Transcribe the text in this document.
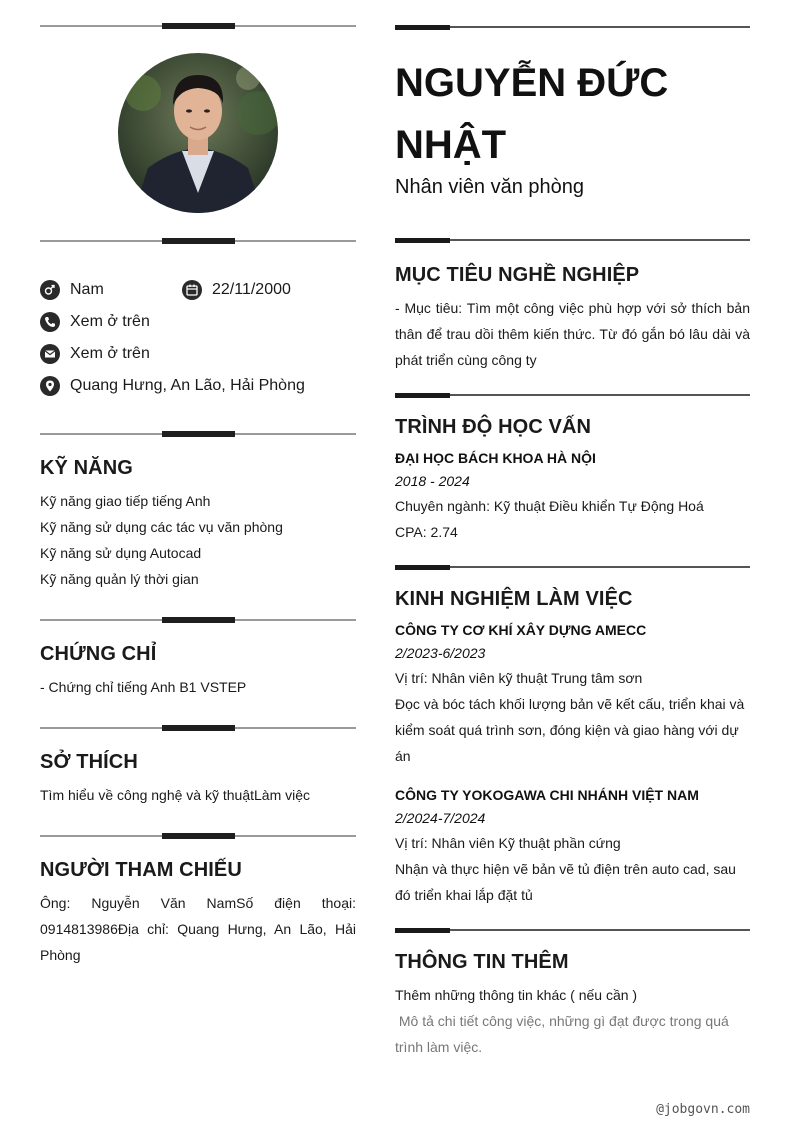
Nam	22/11/2000
Xem ở trên
Xem ở trên
Quang Hưng, An Lão, Hải Phòng
KỸ NĂNG
Kỹ năng giao tiếp tiếng Anh
Kỹ năng sử dụng các tác vụ văn phòng
Kỹ năng sử dụng Autocad
Kỹ năng quản lý thời gian
CHỨNG CHỈ
- Chứng chỉ tiếng Anh B1 VSTEP
SỞ THÍCH
Tìm hiểu về công nghệ và kỹ thuậtLàm việc
NGƯỜI THAM CHIẾU
Ông: Nguyễn Văn NamSố điện thoại: 0914813986Địa chỉ: Quang Hưng, An Lão, Hải Phòng
NGUYỄN ĐỨC NHẬT
Nhân viên văn phòng
MỤC TIÊU NGHỀ NGHIỆP
- Mục tiêu: Tìm một công việc phù hợp với sở thích bản thân để trau dồi thêm kiến thức. Từ đó gắn bó lâu dài và phát triển cùng công ty
TRÌNH ĐỘ HỌC VẤN
ĐẠI HỌC BÁCH KHOA HÀ NỘI
2018 - 2024
Chuyên ngành: Kỹ thuật Điều khiển Tự Động Hoá
CPA: 2.74
KINH NGHIỆM LÀM VIỆC
CÔNG TY CƠ KHÍ XÂY DỰNG AMECC
2/2023-6/2023
Vị trí: Nhân viên kỹ thuật Trung tâm sơn
Đọc và bóc tách khối lượng bản vẽ kết cấu, triển khai và kiểm soát quá trình sơn, đóng kiện và giao hàng với dự án
CÔNG TY YOKOGAWA CHI NHÁNH VIỆT NAM
2/2024-7/2024
Vị trí: Nhân viên Kỹ thuật phần cứng
Nhận và thực hiện vẽ bản vẽ tủ điện trên auto cad, sau đó triển khai lắp đặt tủ
THÔNG TIN THÊM
Thêm những thông tin khác ( nếu cần )
Mô tả chi tiết công việc, những gì đạt được trong quá trình làm việc.
@jobgovn.com
